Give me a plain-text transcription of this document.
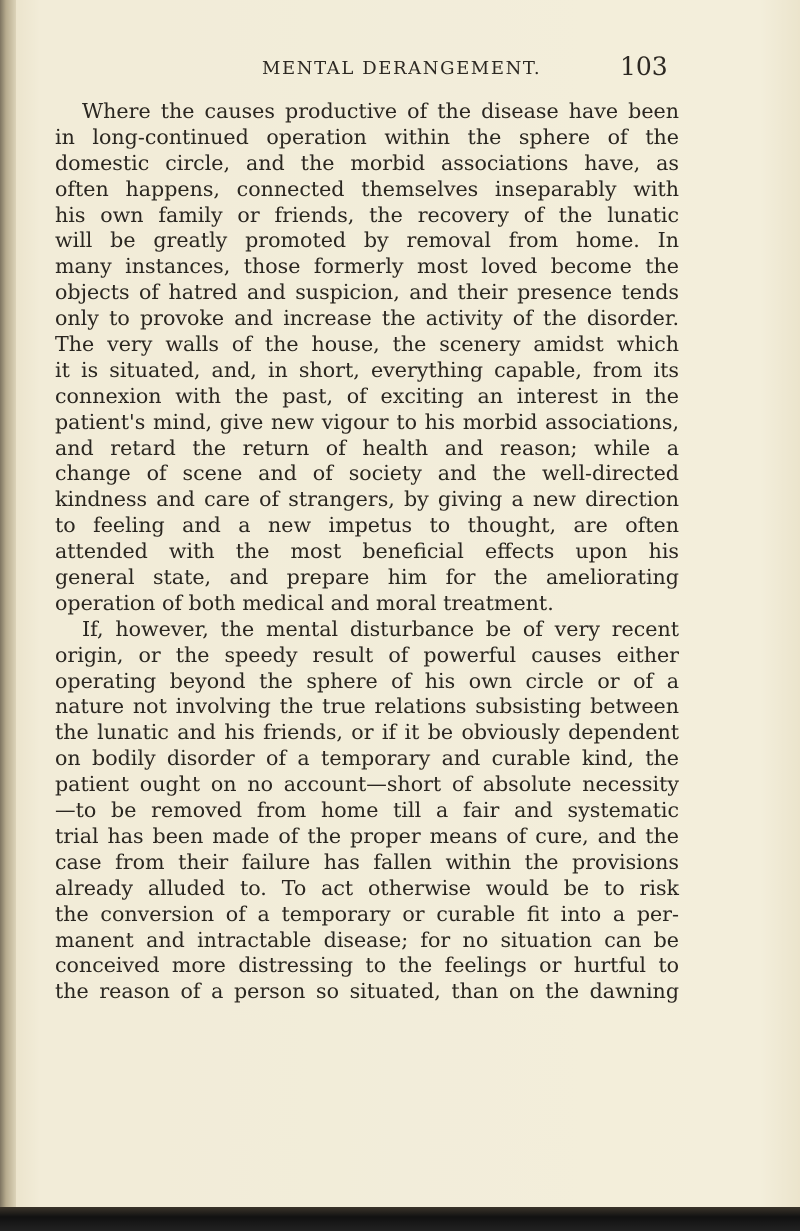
MENTAL DERANGEMENT.	103
Where the causes productive of the disease have been
in long-continued operation within the sphere of the
domestic circle, and the morbid associations have, as
often happens, connected themselves inseparably with
his own family or friends, the recovery of the lunatic
will be greatly promoted by removal from home. In
many instances, those formerly most loved become the
objects of hatred and suspicion, and their presence tends
only to provoke and increase the activity of the disorder.
The very walls of the house, the scenery amidst which
it is situated, and, in short, everything capable, from its
connexion with the past, of exciting an interest in the
patient's mind, give new vigour to his morbid associations,
and retard the return of health and reason; while a
change of scene and of society and the well-directed
kindness and care of strangers, by giving a new direction
to feeling and a new impetus to thought, are often
attended with the most beneficial effects upon his
general state, and prepare him for the ameliorating
operation of both medical and moral treatment.
If, however, the mental disturbance be of very recent
origin, or the speedy result of powerful causes either
operating beyond the sphere of his own circle or of a
nature not involving the true relations subsisting between
the lunatic and his friends, or if it be obviously dependent
on bodily disorder of a temporary and curable kind, the
patient ought on no account—short of absolute necessity
—to be removed from home till a fair and systematic
trial has been made of the proper means of cure, and the
case from their failure has fallen within the provisions
already alluded to. To act otherwise would be to risk
the conversion of a temporary or curable fit into a per-
manent and intractable disease; for no situation can be
conceived more distressing to the feelings or hurtful to
the reason of a person so situated, than on the dawning
